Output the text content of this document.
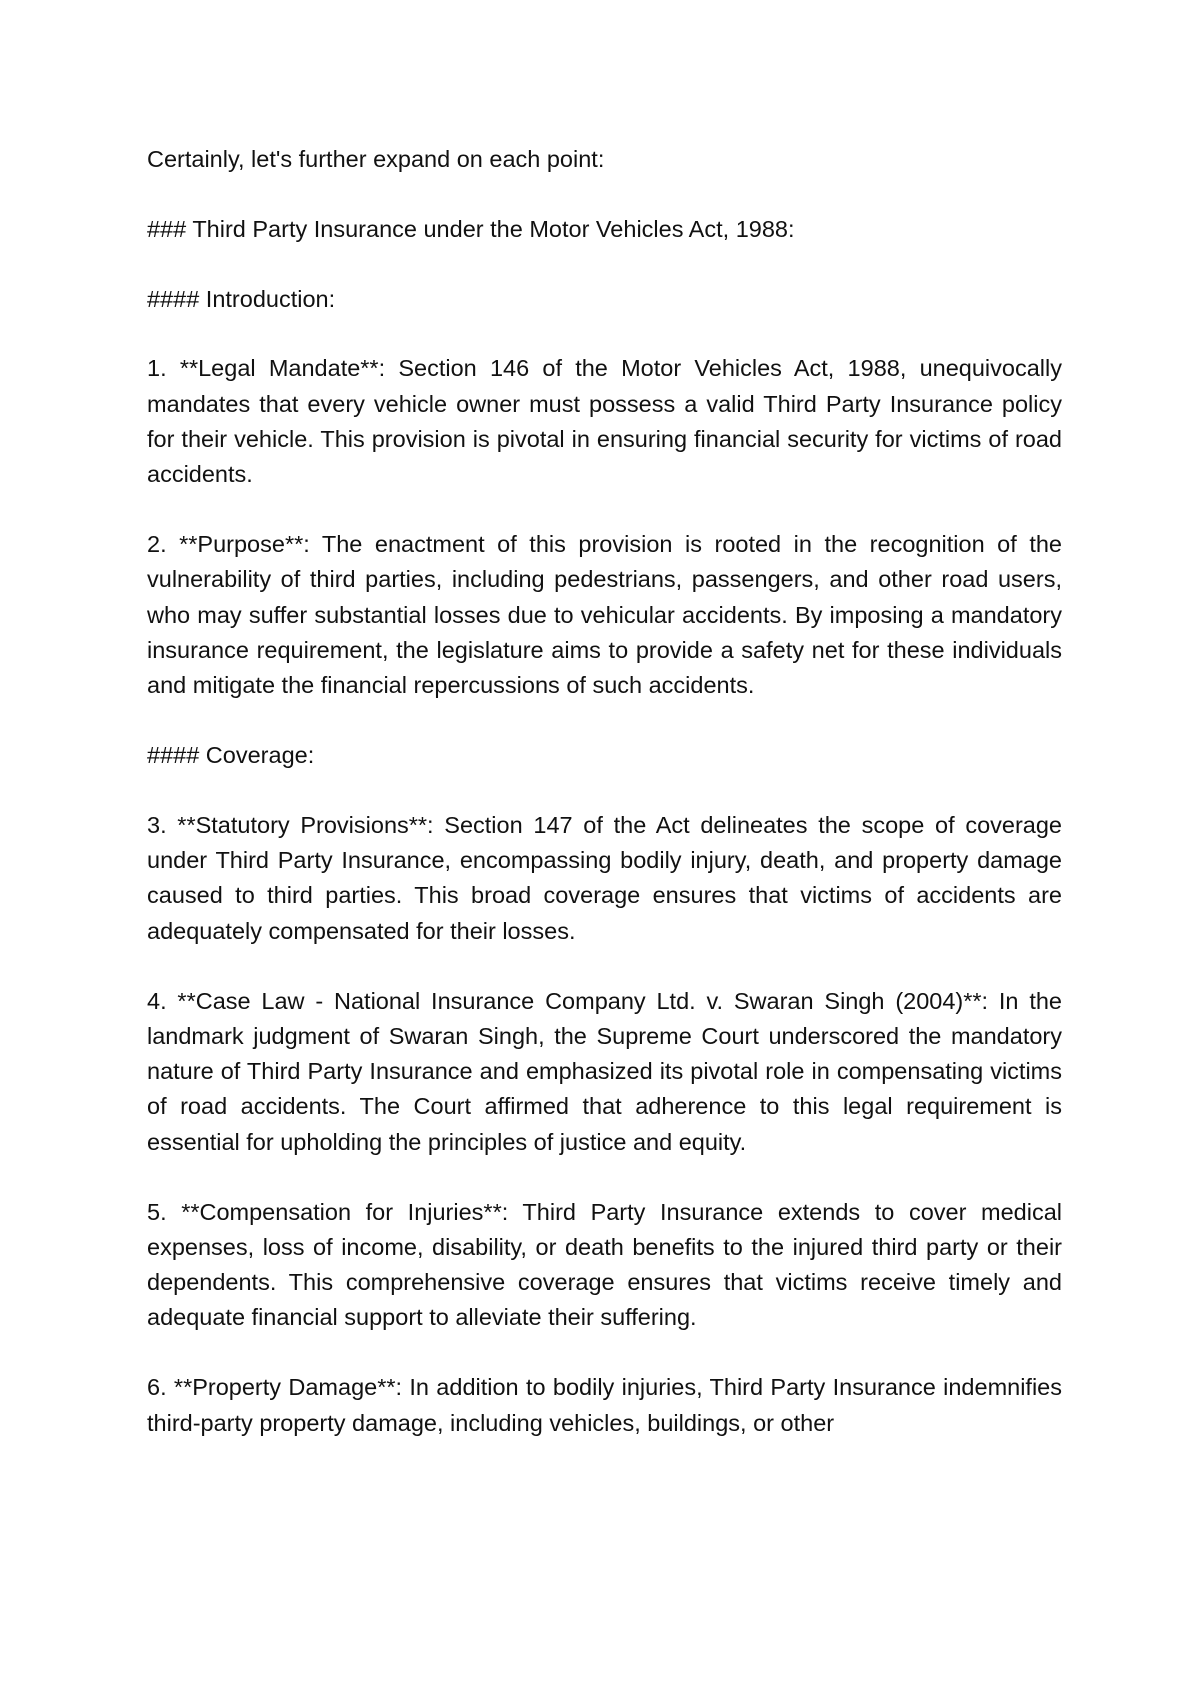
Certainly, let's further expand on each point:

### Third Party Insurance under the Motor Vehicles Act, 1988:

#### Introduction:

1. **Legal Mandate**: Section 146 of the Motor Vehicles Act, 1988, unequivocally mandates that every vehicle owner must possess a valid Third Party Insurance policy for their vehicle. This provision is pivotal in ensuring financial security for victims of road accidents.

2. **Purpose**: The enactment of this provision is rooted in the recognition of the vulnerability of third parties, including pedestrians, passengers, and other road users, who may suffer substantial losses due to vehicular accidents. By imposing a mandatory insurance requirement, the legislature aims to provide a safety net for these individuals and mitigate the financial repercussions of such accidents.

#### Coverage:

3. **Statutory Provisions**: Section 147 of the Act delineates the scope of coverage under Third Party Insurance, encompassing bodily injury, death, and property damage caused to third parties. This broad coverage ensures that victims of accidents are adequately compensated for their losses.

4. **Case Law - National Insurance Company Ltd. v. Swaran Singh (2004)**: In the landmark judgment of Swaran Singh, the Supreme Court underscored the mandatory nature of Third Party Insurance and emphasized its pivotal role in compensating victims of road accidents. The Court affirmed that adherence to this legal requirement is essential for upholding the principles of justice and equity.

5. **Compensation for Injuries**: Third Party Insurance extends to cover medical expenses, loss of income, disability, or death benefits to the injured third party or their dependents. This comprehensive coverage ensures that victims receive timely and adequate financial support to alleviate their suffering.

6. **Property Damage**: In addition to bodily injuries, Third Party Insurance indemnifies third-party property damage, including vehicles, buildings, or other
